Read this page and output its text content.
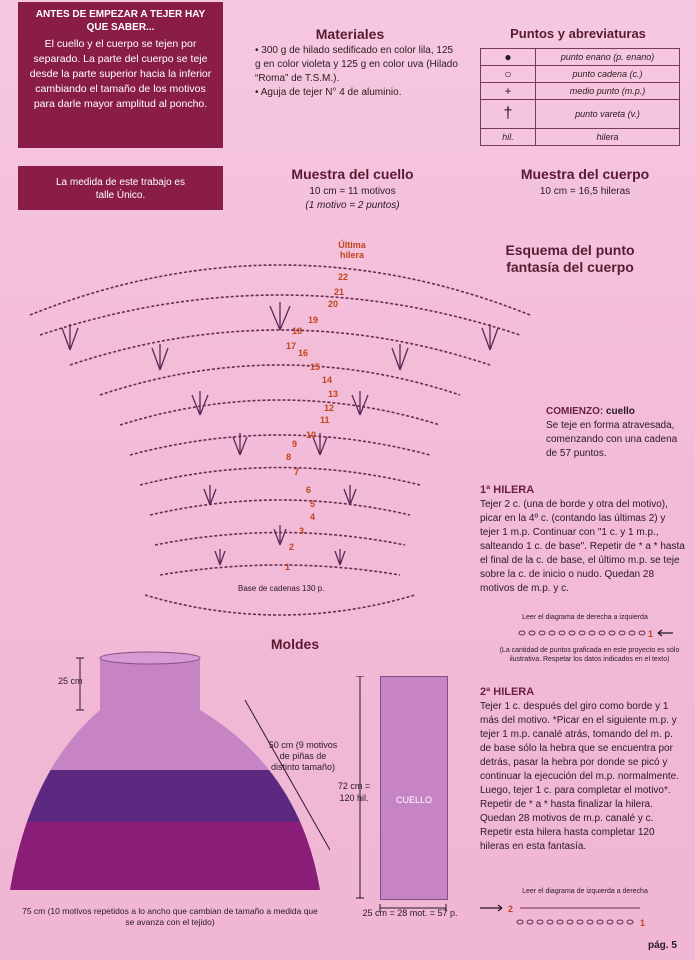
ANTES DE EMPEZAR A TEJER HAY QUE SABER...
El cuello y el cuerpo se tejen por separado. La parte del cuerpo se teje desde la parte superior hacia la inferior cambiando el tamaño de los motivos para darle mayor amplitud al poncho.
La medida de este trabajo es talle Único.
Materiales
• 300 g de hilado sedificado en color lila, 125 g en color violeta y 125 g en color uva (Hilado “Roma” de T.S.M.).
• Aguja de tejer N° 4 de aluminio.
Puntos y abreviaturas
●	punto enano (p. enano)
○	punto cadena (c.)
+	medio punto (m.p.)
†	punto vareta (v.)
hil.	hilera
Muestra del cuello
10 cm = 11 motivos
(1 motivo = 2 puntos)
Muestra del cuerpo
10 cm = 16,5 hileras
Esquema del punto fantasía del cuerpo
Última hilera
1
2
3
4
5
6
7
8
9
10
11
12
13
14
15
16
17
18
19
20
21
22
Base de cadenas 130 p.
COMIENZO: cuello
Se teje en forma atravesada, comenzando con una cadena de 57 puntos.
1ª HILERA
Tejer 2 c. (una de borde y otra del motivo), picar en la 4º c. (contando las últimas 2) y tejer 1 m.p. Continuar con "1 c. y 1 m.p., salteando 1 c. de base". Repetir de * a * hasta el final de la c. de base, el último m.p. se teje sobre la c. de inicio o nudo. Quedan 28 motivos de m.p. y c.
Leer el diagrama de derecha a izquierda
1
(La cantidad de puntos graficada en este proyecto es sólo ilustrativa. Respetar los datos indicados en el texto)
2ª HILERA
Tejer 1 c. después del giro como borde y 1 más del motivo. *Picar en el siguiente m.p. y tejer 1 m.p. canalé atrás, tomando del m. p. de base sólo la hebra que se encuentra por detrás, pasar la hebra por donde se picó y continuar la ejecución del m.p. normalmente. Luego, tejer 1 c. para completar el motivo*. Repetir de * a * hasta finalizar la hilera. Quedan 28 motivos de m.p. canalé y c. Repetir esta hilera hasta completar 120 hileras en esta fantasía.
Leer el diagrama de izquierda a derecha
2
1
Moldes
25 cm
50 cm (9 motivos de piñas de distinto tamaño)
75 cm (10 motivos repetidos a lo ancho que cambian de tamaño a medida que se avanza con el tejido)
CUELLO
72 cm = 120 hil.
25 cm = 28 mot. = 57 p.
pág. 5
